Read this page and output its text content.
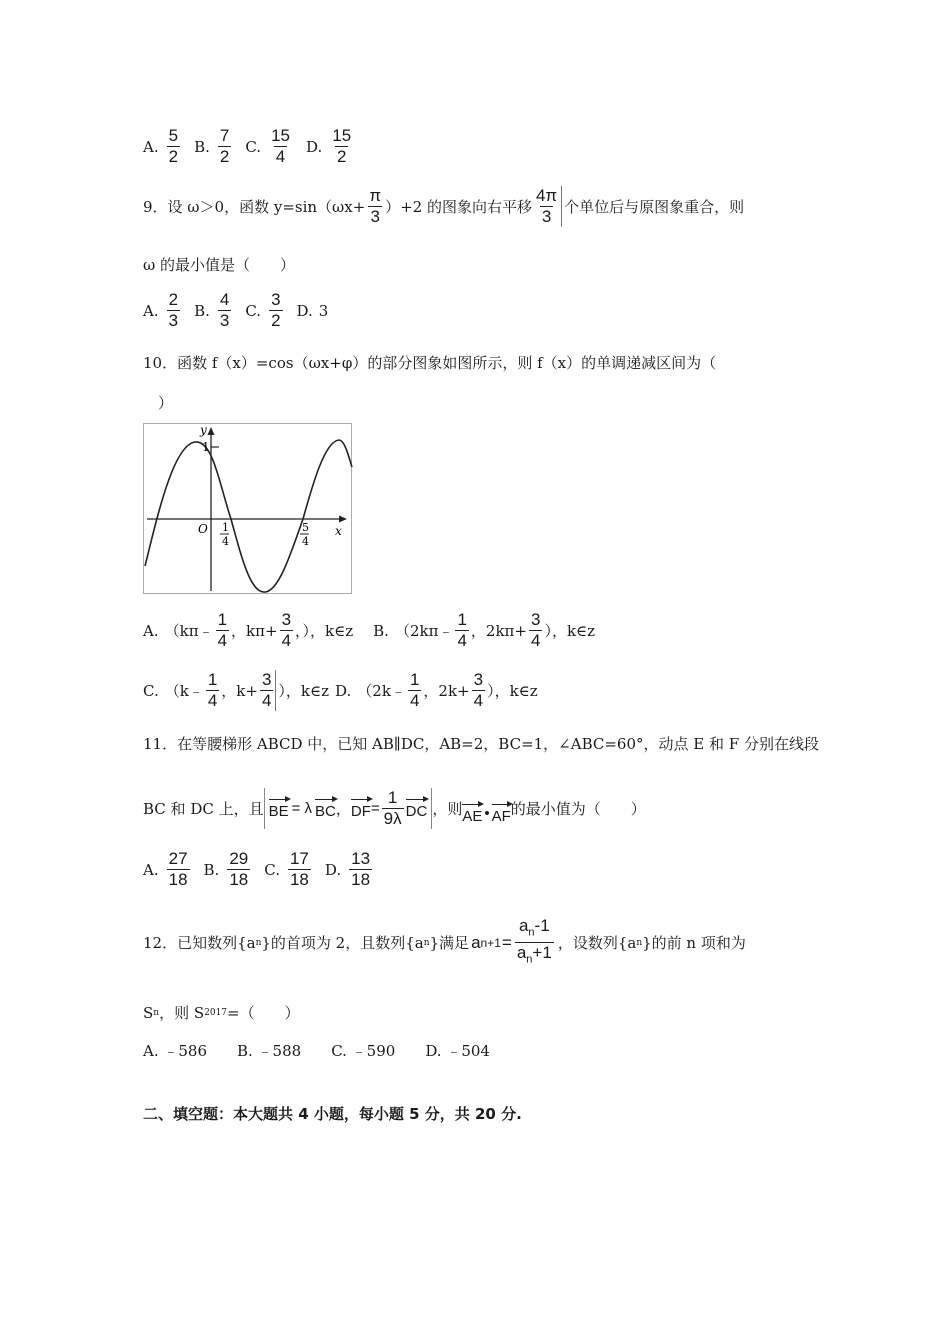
A. $\frac{5}{2} B$. $\frac{7}{2} C$. $\frac{15}{4} D$. $\frac{15}{2}$
9．设 ω＞0，函数 $y=\sin(\omega x+ \frac{\pi}{3} )+2$ 的图象向右平移 $\frac{4\pi}{3}$ 个单位后与原图象重合，则
ω 的最小值是（　　）
A. $\frac{2}{3} B$. $\frac{4}{3} C$. $\frac{3}{2} D$. 3
10．函数 f（x）=cos（ωx+φ）的部分图象如图所示，则 f（x）的单调递减区间为（
）
y
1
O	x
1
4
5
4
A. （kπ﹣ $\frac{1}{4}$ ，$k\pi+ \frac{3}{4}$ ，），k∈z B. （2kπ﹣ $\frac{1}{4}$ ，$2k\pi+ \frac{3}{4}$ ），k∈z
C. （k﹣ $\frac{1}{4}$ ，$k+ \frac{3}{4}$ ），k∈z D. （2k﹣ $\frac{1}{4}$ ，$2k+ \frac{3}{4}$ ），k∈z
11．在等腰梯形 ABCD 中，已知 AB∥DC，AB=2，BC=1，∠ABC=60°，动点 E 和 F 分别在线段
BC 和 DC 上，且 BE = λ BC ， DF = $\frac{1}{9\lambda}$ DC ，则 AE • AF 的最小值为（　　）
A. $\frac{27}{18} B$. $\frac{29}{18} C$. $\frac{17}{18} D$. $\frac{13}{18}$
12．已知数列{a n }的首项为 2，且数列{a n }满足 a $n+1 = \frac{a_n-1}{a_n+1}$ ，设数列{a n }的前 n 项和为
S n ，则 S 2017 =（　　）
A. ﹣586 B. ﹣588 C. ﹣590 D. ﹣504
二、填空题：本大题共 4 小题，每小题 5 分，共 20 分.
